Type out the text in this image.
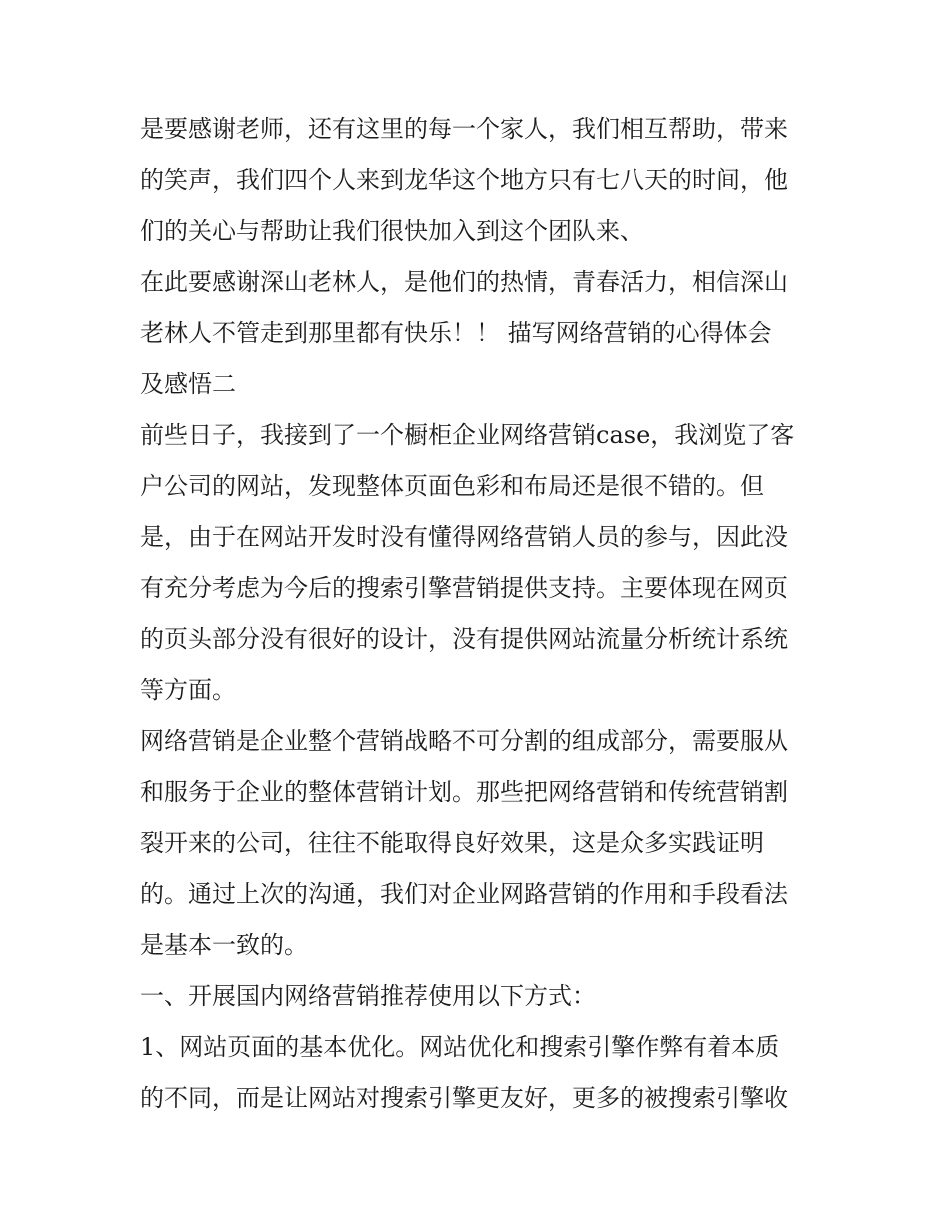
是要感谢老师，还有这里的每一个家人，我们相互帮助，带来
的笑声，我们四个人来到龙华这个地方只有七八天的时间，他
们的关心与帮助让我们很快加入到这个团队来、
在此要感谢深山老林人，是他们的热情，青春活力，相信深山
老林人不管走到那里都有快乐！！ 描写网络营销的心得体会
及感悟二
前些日子，我接到了一个橱柜企业网络营销case，我浏览了客
户公司的网站，发现整体页面色彩和布局还是很不错的。但
是，由于在网站开发时没有懂得网络营销人员的参与，因此没
有充分考虑为今后的搜索引擎营销提供支持。主要体现在网页
的页头部分没有很好的设计，没有提供网站流量分析统计系统
等方面。
网络营销是企业整个营销战略不可分割的组成部分，需要服从
和服务于企业的整体营销计划。那些把网络营销和传统营销割
裂开来的公司，往往不能取得良好效果，这是众多实践证明
的。通过上次的沟通，我们对企业网路营销的作用和手段看法
是基本一致的。
一、开展国内网络营销推荐使用以下方式：
1、网站页面的基本优化。网站优化和搜索引擎作弊有着本质
的不同，而是让网站对搜索引擎更友好，更多的被搜索引擎收
